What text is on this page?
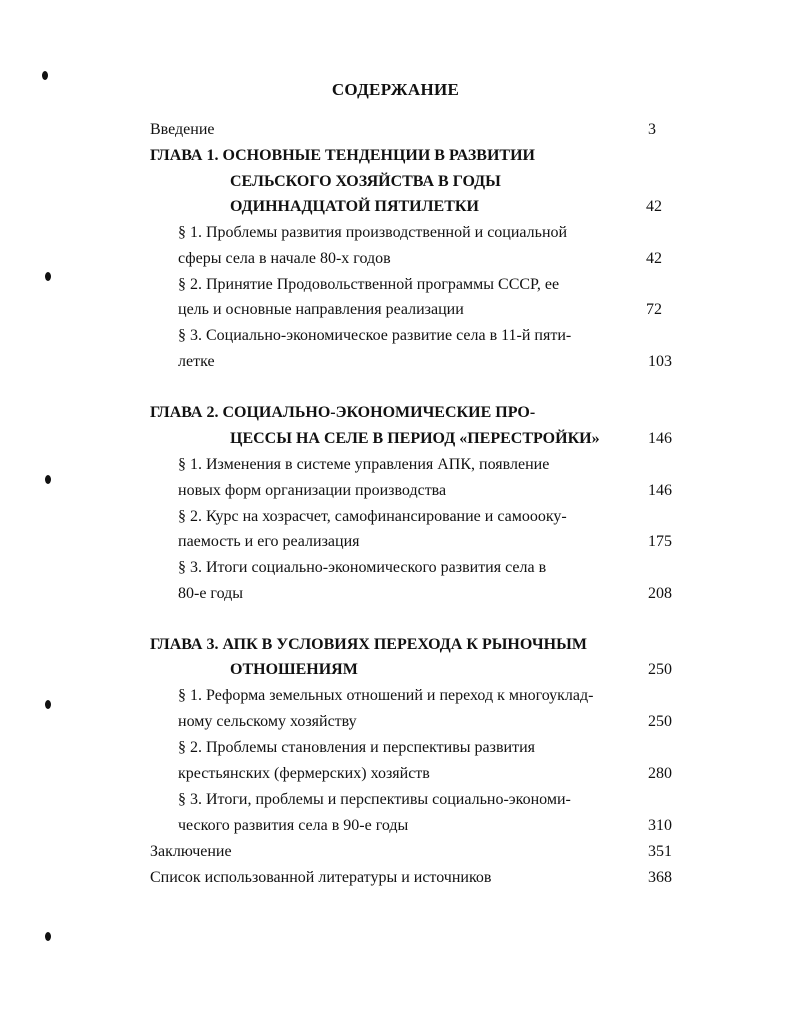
СОДЕРЖАНИЕ
Введение	3
ГЛАВА 1. ОСНОВНЫЕ ТЕНДЕНЦИИ В РАЗВИТИИ
СЕЛЬСКОГО ХОЗЯЙСТВА В ГОДЫ
ОДИННАДЦАТОЙ ПЯТИЛЕТКИ	42
§ 1. Проблемы развития производственной и социальной
сферы села в начале 80-х годов	42
§ 2. Принятие Продовольственной программы СССР, ее
цель и основные направления реализации	72
§ 3. Социально-экономическое развитие села в 11-й пяти-
летке	103
ГЛАВА 2. СОЦИАЛЬНО-ЭКОНОМИЧЕСКИЕ ПРО-
ЦЕССЫ НА СЕЛЕ В ПЕРИОД «ПЕРЕСТРОЙКИ»	146
§ 1. Изменения в системе управления АПК, появление
новых форм организации производства	146
§ 2. Курс на хозрасчет, самофинансирование и самоооку-
паемость и его реализация	175
§ 3. Итоги социально-экономического развития села в
80-е годы	208
ГЛАВА 3. АПК В УСЛОВИЯХ ПЕРЕХОДА К РЫНОЧНЫМ
ОТНОШЕНИЯМ	250
§ 1. Реформа земельных отношений и переход к многоуклад-
ному сельскому хозяйству	250
§ 2. Проблемы становления и перспективы развития
крестьянских (фермерских) хозяйств	280
§ 3. Итоги, проблемы и перспективы социально-экономи-
ческого развития села в 90-е годы	310
Заключение	351
Список использованной литературы и источников	368
